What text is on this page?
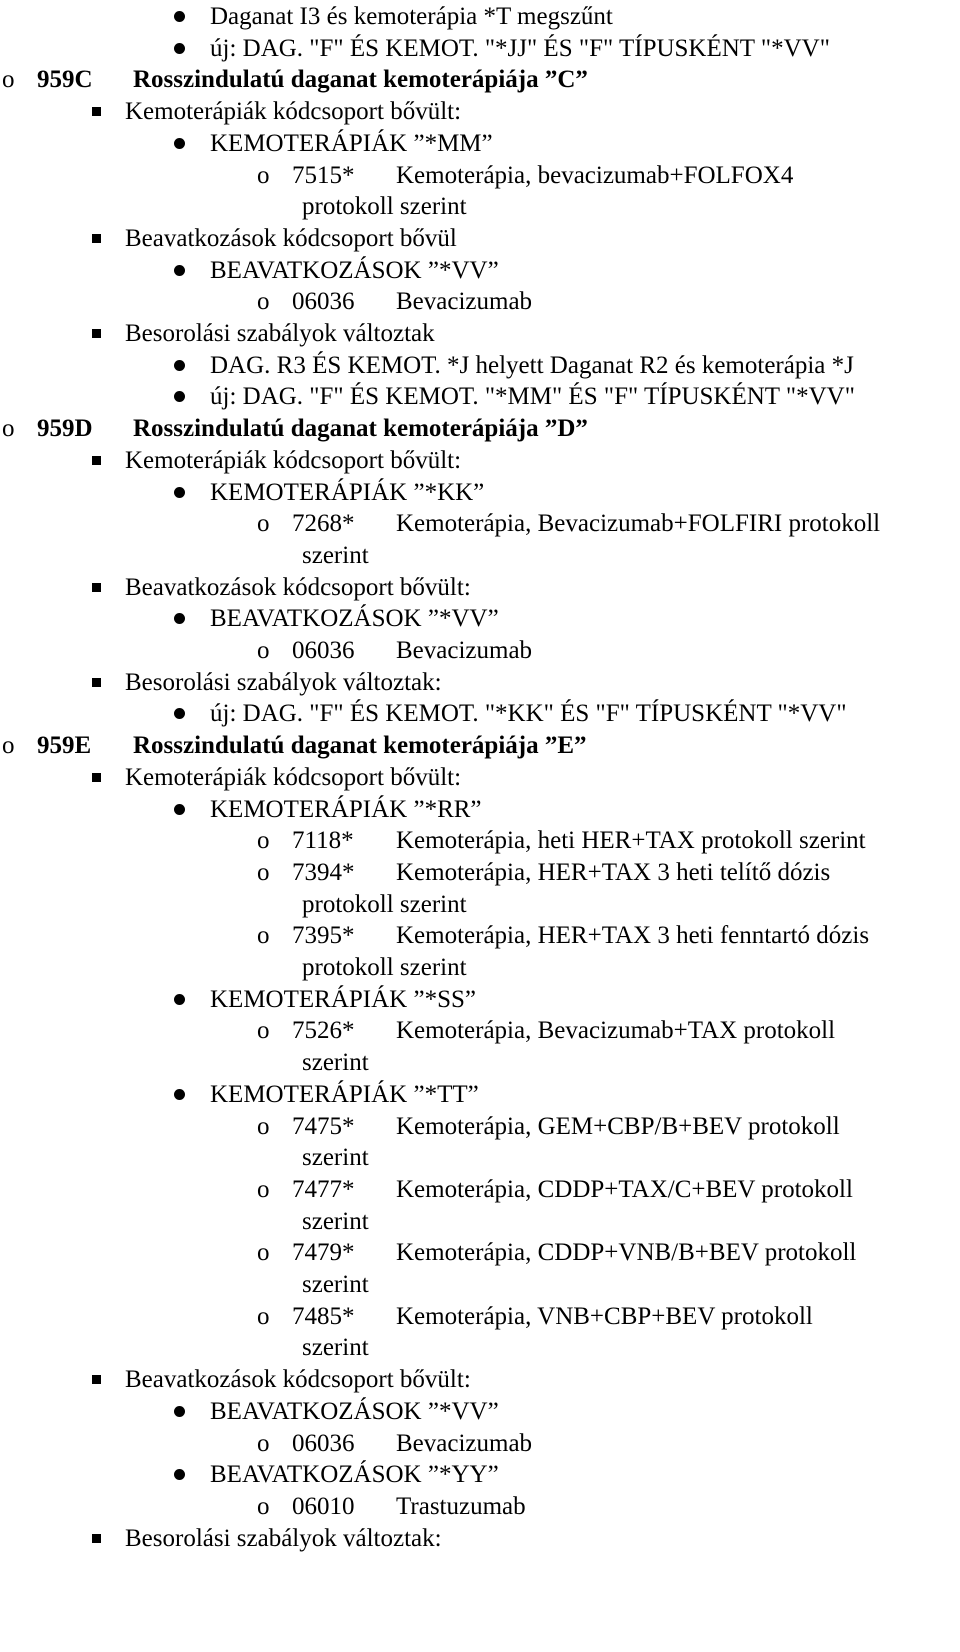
Daganat I3 és kemoterápia *T megszűnt
új: DAG. "F" ÉS KEMOT. "*JJ" ÉS "F" TÍPUSKÉNT "*VV"
o 959C Rosszindulatú daganat kemoterápiája ”C”
Kemoterápiák kódcsoport bővült:
KEMOTERÁPIÁK ”*MM”
o 7515* Kemoterápia, bevacizumab+FOLFOX4
protokoll szerint
Beavatkozások kódcsoport bővül
BEAVATKOZÁSOK ”*VV”
o 06036 Bevacizumab
Besorolási szabályok változtak
DAG. R3 ÉS KEMOT. *J helyett Daganat R2 és kemoterápia *J
új: DAG. "F" ÉS KEMOT. "*MM" ÉS "F" TÍPUSKÉNT "*VV"
o 959D Rosszindulatú daganat kemoterápiája ”D”
Kemoterápiák kódcsoport bővült:
KEMOTERÁPIÁK ”*KK”
o 7268* Kemoterápia, Bevacizumab+FOLFIRI protokoll
szerint
Beavatkozások kódcsoport bővült:
BEAVATKOZÁSOK ”*VV”
o 06036 Bevacizumab
Besorolási szabályok változtak:
új: DAG. "F" ÉS KEMOT. "*KK" ÉS "F" TÍPUSKÉNT "*VV"
o 959E Rosszindulatú daganat kemoterápiája ”E”
Kemoterápiák kódcsoport bővült:
KEMOTERÁPIÁK ”*RR”
o 7118* Kemoterápia, heti HER+TAX protokoll szerint
o 7394* Kemoterápia, HER+TAX 3 heti telítő dózis
protokoll szerint
o 7395* Kemoterápia, HER+TAX 3 heti fenntartó dózis
protokoll szerint
KEMOTERÁPIÁK ”*SS”
o 7526* Kemoterápia, Bevacizumab+TAX protokoll
szerint
KEMOTERÁPIÁK ”*TT”
o 7475* Kemoterápia, GEM+CBP/B+BEV protokoll
szerint
o 7477* Kemoterápia, CDDP+TAX/C+BEV protokoll
szerint
o 7479* Kemoterápia, CDDP+VNB/B+BEV protokoll
szerint
o 7485* Kemoterápia, VNB+CBP+BEV protokoll
szerint
Beavatkozások kódcsoport bővült:
BEAVATKOZÁSOK ”*VV”
o 06036 Bevacizumab
BEAVATKOZÁSOK ”*YY”
o 06010 Trastuzumab
Besorolási szabályok változtak:
